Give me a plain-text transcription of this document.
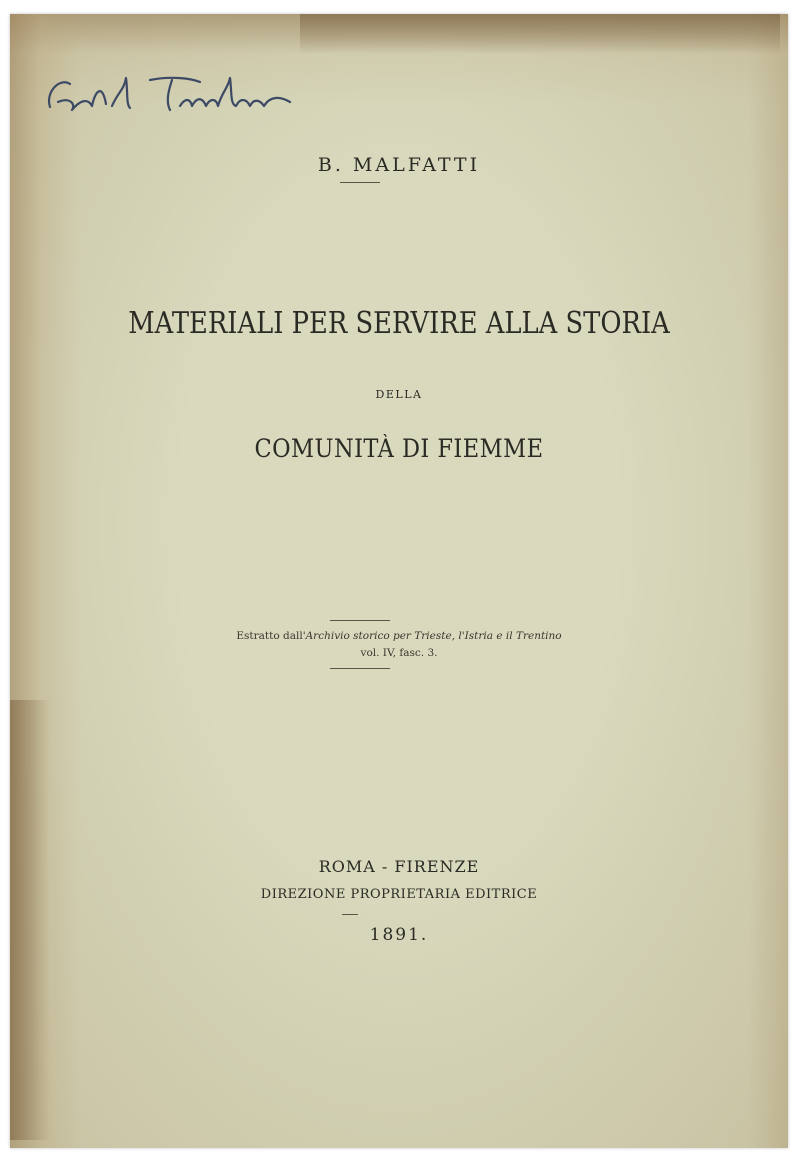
B. MALFATTI

MATERIALI PER SERVIRE ALLA STORIA

DELLA

COMUNITÀ DI FIEMME

Estratto dall'Archivio storico per Trieste, l'Istria e il Trentino
vol. IV, fasc. 3.

ROMA - FIRENZE

DIREZIONE PROPRIETARIA EDITRICE

1891.
